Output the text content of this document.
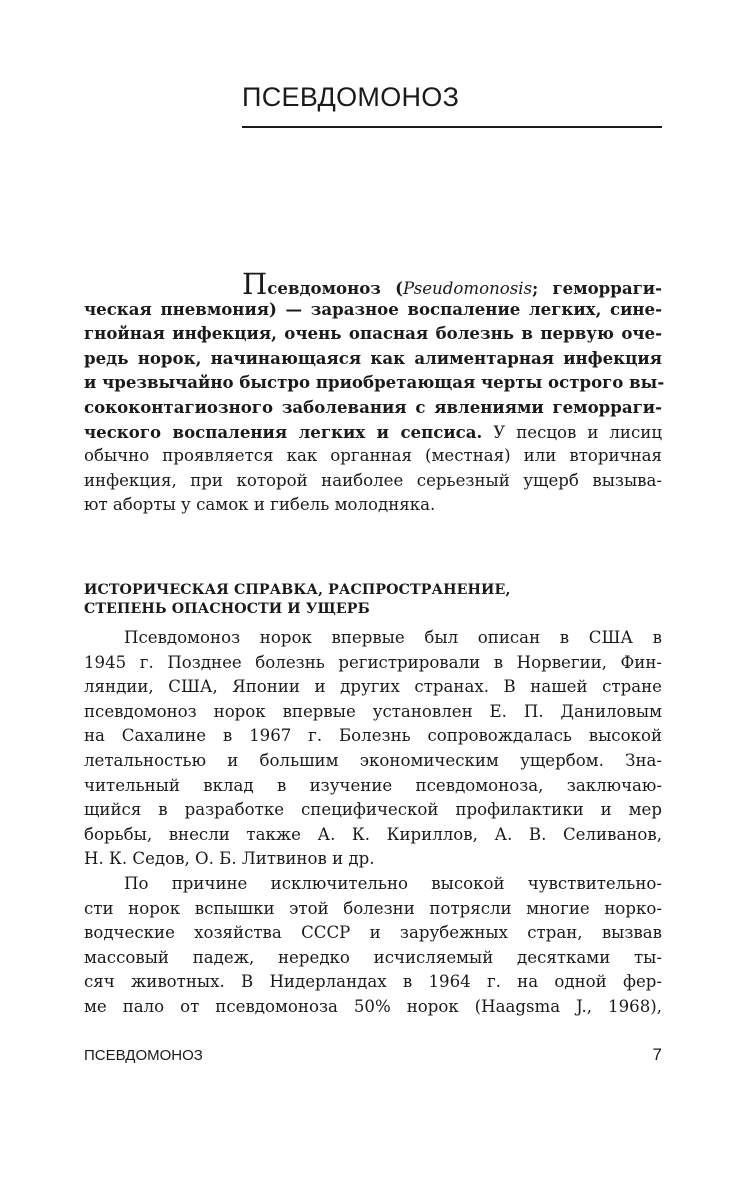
ПСЕВДОМОНОЗ
Псевдомоноз (Pseudomonosis; геморраги-
ческая пневмония) — заразное воспаление легких, сине-
гнойная инфекция, очень опасная болезнь в первую оче-
редь норок, начинающаяся как алиментарная инфекция
и чрезвычайно быстро приобретающая черты острого вы-
сококонтагиозного заболевания с явлениями геморраги-
ческого воспаления легких и сепсиса. У песцов и лисиц
обычно проявляется как органная (местная) или вторичная
инфекция, при которой наиболее серьезный ущерб вызыва-
ют аборты у самок и гибель молодняка.
ИСТОРИЧЕСКАЯ СПРАВКА, РАСПРОСТРАНЕНИЕ,
СТЕПЕНЬ ОПАСНОСТИ И УЩЕРБ
Псевдомоноз норок впервые был описан в США в
1945 г. Позднее болезнь регистрировали в Норвегии, Фин-
ляндии, США, Японии и других странах. В нашей стране
псевдомоноз норок впервые установлен Е. П. Даниловым
на Сахалине в 1967 г. Болезнь сопровождалась высокой
летальностью и большим экономическим ущербом. Зна-
чительный вклад в изучение псевдомоноза, заключаю-
щийся в разработке специфической профилактики и мер
борьбы, внесли также А. К. Кириллов, А. В. Селиванов,
Н. К. Седов, О. Б. Литвинов и др.
По причине исключительно высокой чувствительно-
сти норок вспышки этой болезни потрясли многие норко-
водческие хозяйства СССР и зарубежных стран, вызвав
массовый падеж, нередко исчисляемый десятками ты-
сяч животных. В Нидерландах в 1964 г. на одной фер-
ме пало от псевдомоноза 50% норок (Haagsma J., 1968),
ПСЕВДОМОНОЗ	7
